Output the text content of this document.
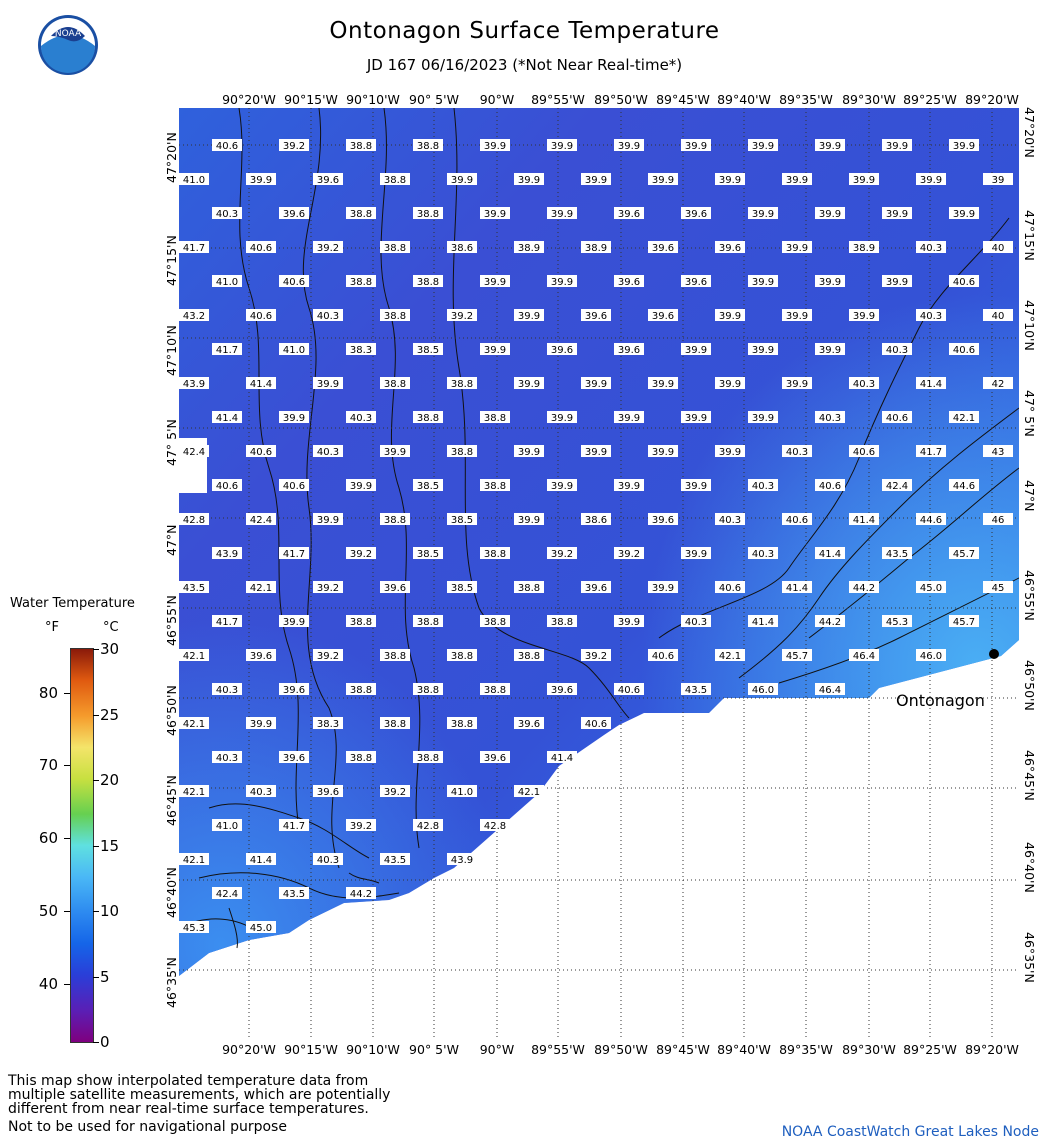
Ontonagon Surface Temperature
JD 167 06/16/2023 (*Not Near Real-time*)
NOAA
40.6	39.2	38.8	38.8	39.9	39.9	39.9	39.9	39.9	39.9	39.9	39.9
41.0	39.9	39.6	38.8	39.9	39.9	39.9	39.9	39.9	39.9	39.9	39.9	39
40.3	39.6	38.8	38.8	39.9	39.9	39.6	39.6	39.9	39.9	39.9	39.9
41.7	40.6	39.2	38.8	38.6	38.9	38.9	39.6	39.6	39.9	38.9	40.3	40
41.0	40.6	38.8	38.8	39.9	39.9	39.6	39.6	39.9	39.9	39.9	40.6
43.2	40.6	40.3	38.8	39.2	39.9	39.6	39.6	39.9	39.9	39.9	40.3	40
41.7	41.0	38.3	38.5	39.9	39.6	39.6	39.9	39.9	39.9	40.3	40.6
43.9	41.4	39.9	38.8	38.8	39.9	39.9	39.9	39.9	39.9	40.3	41.4	42
41.4	39.9	40.3	38.8	38.8	39.9	39.9	39.9	39.9	40.3	40.6	42.1
42.4	40.6	40.3	39.9	38.8	39.9	39.9	39.9	39.9	40.3	40.6	41.7	43
40.6	40.6	39.9	38.5	38.8	39.9	39.9	39.9	40.3	40.6	42.4	44.6
42.8	42.4	39.9	38.8	38.5	39.9	38.6	39.6	40.3	40.6	41.4	44.6	46
43.9	41.7	39.2	38.5	38.8	39.2	39.2	39.9	40.3	41.4	43.5	45.7
43.5	42.1	39.2	39.6	38.5	38.8	39.6	39.9	40.6	41.4	44.2	45.0	45
41.7	39.9	38.8	38.8	38.8	38.8	39.9	40.3	41.4	44.2	45.3	45.7
42.1	39.6	39.2	38.8	38.8	38.8	39.2	40.6	42.1	45.7	46.4	46.0
40.3	39.6	38.8	38.8	38.8	39.6	40.6	43.5	46.0	46.4
42.1	39.9	38.3	38.8	38.8	39.6	40.6
40.3	39.6	38.8	38.8	39.6	41.4
42.1	40.3	39.6	39.2	41.0	42.1
41.0	41.7	39.2	42.8	42.8
42.1	41.4	40.3	43.5	43.9
42.4	43.5	44.2
45.3	45.0
Ontonagon
90°20'W 90°15'W 90°10'W 90° 5'W	90°W	89°55'W 89°50'W 89°45'W 89°40'W 89°35'W 89°30'W 89°25'W 89°20'W
90°20'W 90°15'W 90°10'W 90° 5'W	90°W	89°55'W 89°50'W 89°45'W 89°40'W 89°35'W 89°30'W 89°25'W 89°20'W
47°20'N
47°15'N
47°10'N
47° 5'N
47°N
46°55'N
46°50'N
46°45'N
46°40'N
46°35'N
47°20'N
47°15'N
47°10'N
47° 5'N
47°N
46°55'N
46°50'N
46°45'N
46°40'N
46°35'N
Water Temperature
°F	°C
80
70
60
50
40
30
25
20
15
10
5
0
This map show interpolated temperature data from
multiple satellite measurements, which are potentially
different from near real-time surface temperatures.
Not to be used for navigational purpose	NOAA CoastWatch Great Lakes Node
